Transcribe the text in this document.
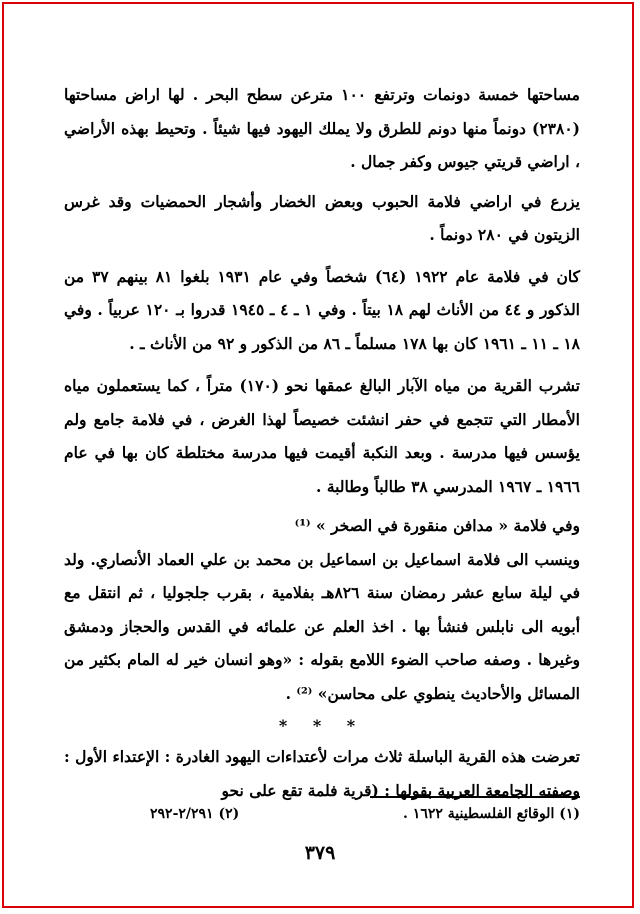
مساحتها خمسة دونمات وترتفع ١٠٠ مترعن سطح البحر . لها اراض مساحتها (٢٣٨٠) دونماً منها دونم للطرق ولا يملك اليهود فيها شيئاً . وتحيط بهذه الأراضي ، اراضي قريتي جيوس وكفر جمال .

يزرع في اراضي فلامة الحبوب وبعض الخضار وأشجار الحمضيات وقد غرس الزيتون في ٢٨٠ دونماً .

كان في فلامة عام ١٩٢٢ (٦٤) شخصاً وفي عام ١٩٣١ بلغوا ٨١ بينهم ٣٧ من الذكور و ٤٤ من الأناث لهم ١٨ بيتاً . وفي ١ ـ ٤ ـ ١٩٤٥ قدروا بـ ١٢٠ عربياً . وفي ١٨ ـ ١١ ـ ١٩٦١ كان بها ١٧٨ مسلماً ـ ٨٦ من الذكور و ٩٢ من الأناث ـ .

تشرب القرية من مياه الآبار البالغ عمقها نحو (١٧٠) متراً ، كما يستعملون مياه الأمطار التي تتجمع في حفر انشئت خصيصاً لهذا الغرض ، في فلامة جامع ولم يؤسس فيها مدرسة . وبعد النكبة أقيمت فيها مدرسة مختلطة كان بها في عام ١٩٦٦ ـ ١٩٦٧ المدرسي ٣٨ طالباً وطالبة .

وفي فلامة « مدافن منقورة في الصخر » ⁽¹⁾

وينسب الى فلامة اسماعيل بن اسماعيل بن محمد بن علي العماد الأنصاري. ولد في ليلة سابع عشر رمضان سنة ٨٢٦هـ بفلامية ، بقرب جلجوليا ، ثم انتقل مع أبويه الى نابلس فنشأ بها . اخذ العلم عن علمائه في القدس والحجاز ودمشق وغيرها . وصفه صاحب الضوء اللامع بقوله : «وهو انسان خير له المام بكثير من المسائل والأحاديث ينطوي على محاسن» ⁽²⁾ .

* * *

تعرضت هذه القرية الباسلة ثلاث مرات لأعتداءات اليهود الغادرة : الإعتداء الأول : وصفته الجامعة العربية بقولها : (قرية فلمة تقع على نحو

(١) الوقائع الفلسطينية ١٦٢٢ .
(٢) ٢/٢٩١-٢٩٢
٣٧٩
